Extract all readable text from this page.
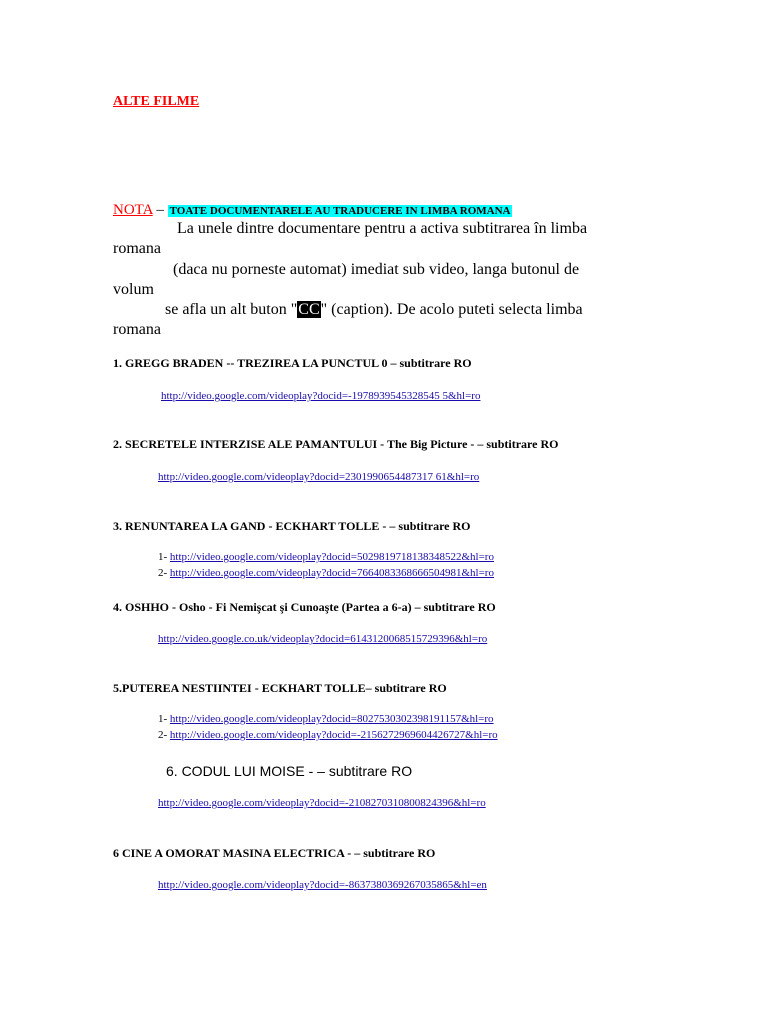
ALTE FILME
NOTA – TOATE DOCUMENTARELE AU TRADUCERE IN LIMBA ROMANA
La unele dintre documentare pentru a activa subtitrarea în limba
romana
(daca nu porneste automat) imediat sub video, langa butonul de
volum
se afla un alt buton "CC" (caption). De acolo puteti selecta limba
romana
1. GREGG BRADEN -- TREZIREA LA PUNCTUL 0 – subtitrare RO
http://video.google.com/videoplay?docid=-1978939545328545 5&hl=ro
2. SECRETELE INTERZISE ALE PAMANTULUI - The Big Picture - – subtitrare RO
http://video.google.com/videoplay?docid=2301990654487317 61&hl=ro
3. RENUNTAREA LA GAND - ECKHART TOLLE - – subtitrare RO
1- http://video.google.com/videoplay?docid=5029819718138348522&hl=ro
2- http://video.google.com/videoplay?docid=7664083368666504981&hl=ro
4. OSHHO - Osho - Fi Nemişcat şi Cunoaşte (Partea a 6-a) – subtitrare RO
http://video.google.co.uk/videoplay?docid=6143120068515729396&hl=ro
5.PUTEREA NESTIINTEI - ECKHART TOLLE– subtitrare RO
1- http://video.google.com/videoplay?docid=8027530302398191157&hl=ro
2- http://video.google.com/videoplay?docid=-2156272969604426727&hl=ro
6. CODUL LUI MOISE - – subtitrare RO
http://video.google.com/videoplay?docid=-2108270310800824396&hl=ro
6 CINE A OMORAT MASINA ELECTRICA - – subtitrare RO
http://video.google.com/videoplay?docid=-8637380369267035865&hl=en
